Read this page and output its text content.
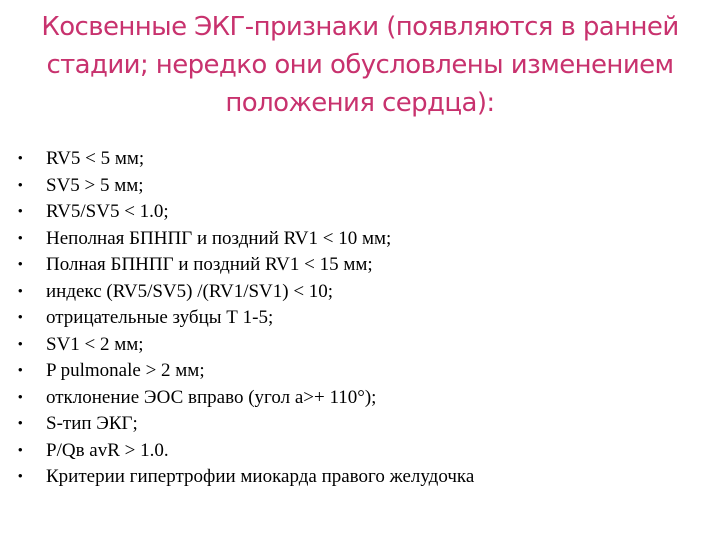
Косвенные ЭКГ-признаки (появляются в ранней стадии; нередко они обусловлены изменением положения сердца):
•	RV5 < 5 мм;
•	SV5 > 5 мм;
•	RV5/SV5 < 1.0;
•	Неполная БПНПГ и поздний RV1 < 10 мм;
•	Полная БПНПГ и поздний RV1 < 15 мм;
•	индекс (RV5/SV5) /(RV1/SV1) < 10;
•	отрицательные зубцы Т 1-5;
•	SV1 < 2 мм;
•	P pulmonale > 2 мм;
•	отклонение ЭОС вправо (угол а>+ 110°);
•	S-тип ЭКГ;
•	P/Qв avR > 1.0.
•	Критерии гипертрофии миокарда правого желудочка
